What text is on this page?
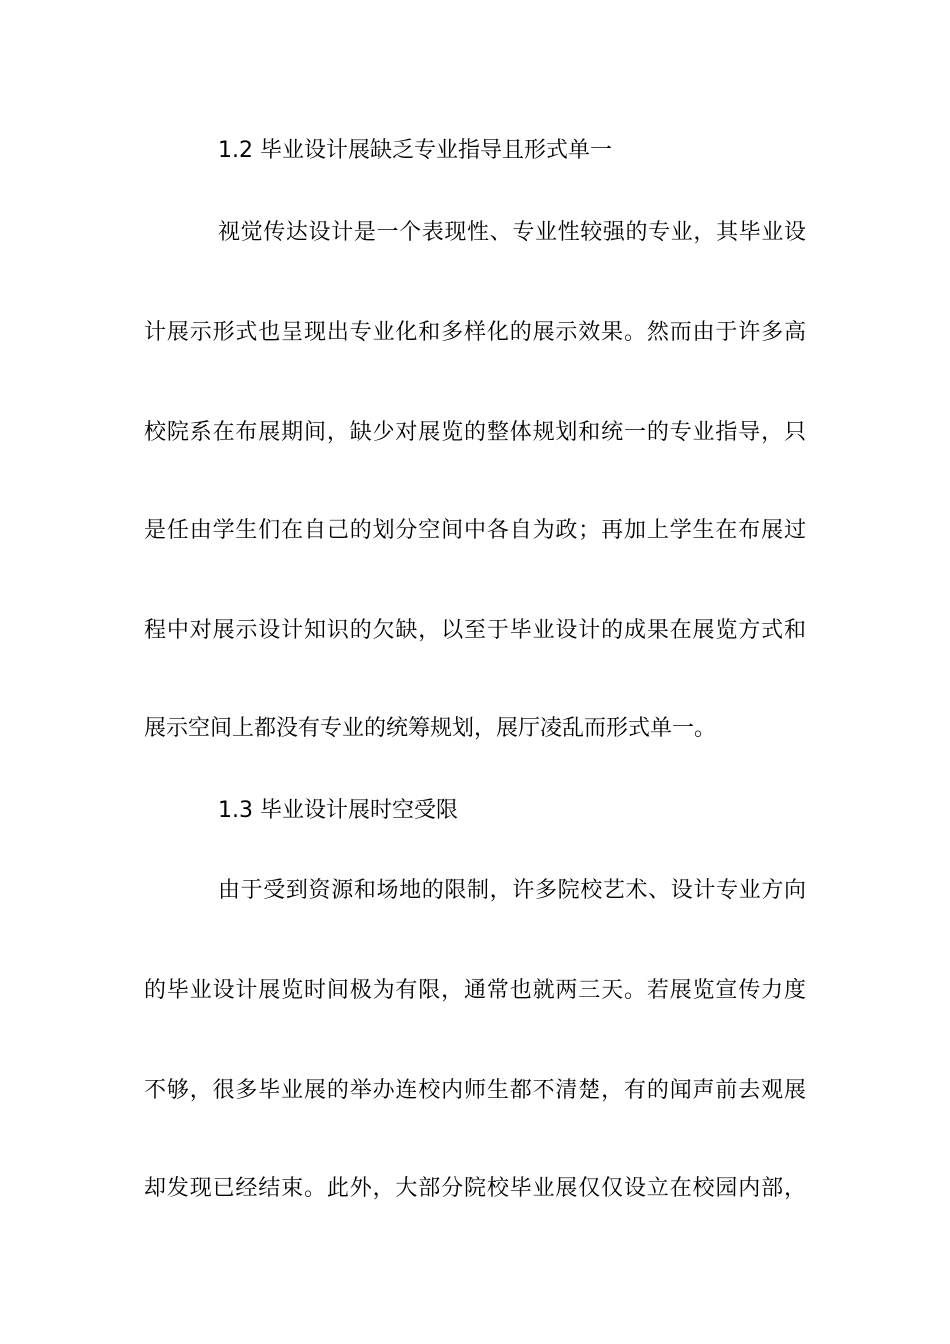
1.2 毕业设计展缺乏专业指导且形式单一
视觉传达设计是一个表现性、专业性较强的专业，其毕业设
计展示形式也呈现出专业化和多样化的展示效果。然而由于许多高
校院系在布展期间，缺少对展览的整体规划和统一的专业指导，只
是任由学生们在自己的划分空间中各自为政；再加上学生在布展过
程中对展示设计知识的欠缺，以至于毕业设计的成果在展览方式和
展示空间上都没有专业的统筹规划，展厅凌乱而形式单一。
1.3 毕业设计展时空受限
由于受到资源和场地的限制，许多院校艺术、设计专业方向
的毕业设计展览时间极为有限，通常也就两三天。若展览宣传力度
不够，很多毕业展的举办连校内师生都不清楚，有的闻声前去观展
却发现已经结束。此外，大部分院校毕业展仅仅设立在校园内部，
